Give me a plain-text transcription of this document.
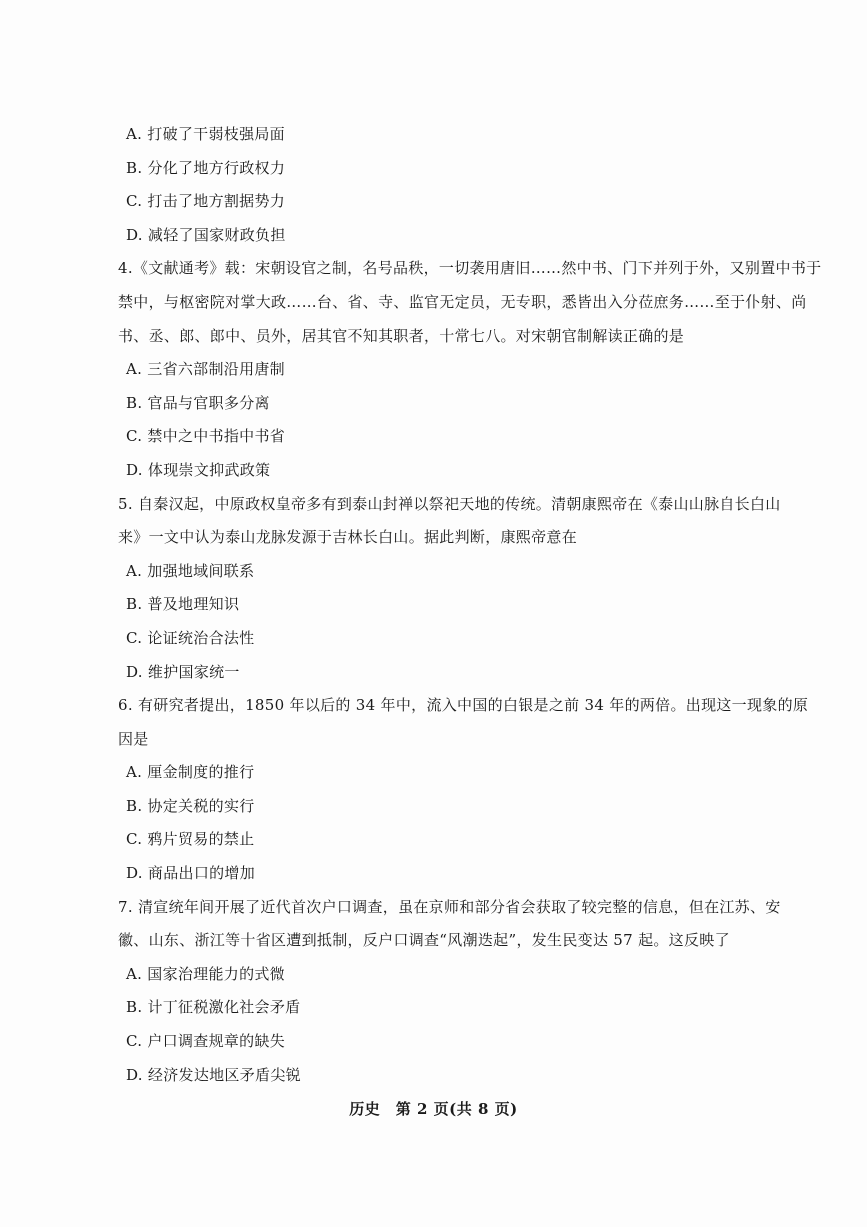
A. 打破了干弱枝强局面
B. 分化了地方行政权力
C. 打击了地方割据势力
D. 减轻了国家财政负担
4.《文献通考》载：宋朝设官之制，名号品秩，一切袭用唐旧……然中书、门下并列于外，又别置中书于
禁中，与枢密院对掌大政……台、省、寺、监官无定员，无专职，悉皆出入分莅庶务……至于仆射、尚
书、丞、郎、郎中、员外，居其官不知其职者，十常七八。对宋朝官制解读正确的是
A. 三省六部制沿用唐制
B. 官品与官职多分离
C. 禁中之中书指中书省
D. 体现崇文抑武政策
5. 自秦汉起，中原政权皇帝多有到泰山封禅以祭祀天地的传统。清朝康熙帝在《泰山山脉自长白山
来》一文中认为泰山龙脉发源于吉林长白山。据此判断，康熙帝意在
A. 加强地域间联系
B. 普及地理知识
C. 论证统治合法性
D. 维护国家统一
6. 有研究者提出，1850 年以后的 34 年中，流入中国的白银是之前 34 年的两倍。出现这一现象的原
因是
A. 厘金制度的推行
B. 协定关税的实行
C. 鸦片贸易的禁止
D. 商品出口的增加
7. 清宣统年间开展了近代首次户口调查，虽在京师和部分省会获取了较完整的信息，但在江苏、安
徽、山东、浙江等十省区遭到抵制，反户口调查“风潮迭起”，发生民变达 57 起。这反映了
A. 国家治理能力的式微
B. 计丁征税激化社会矛盾
C. 户口调查规章的缺失
D. 经济发达地区矛盾尖锐
历史　第 2 页(共 8 页)
